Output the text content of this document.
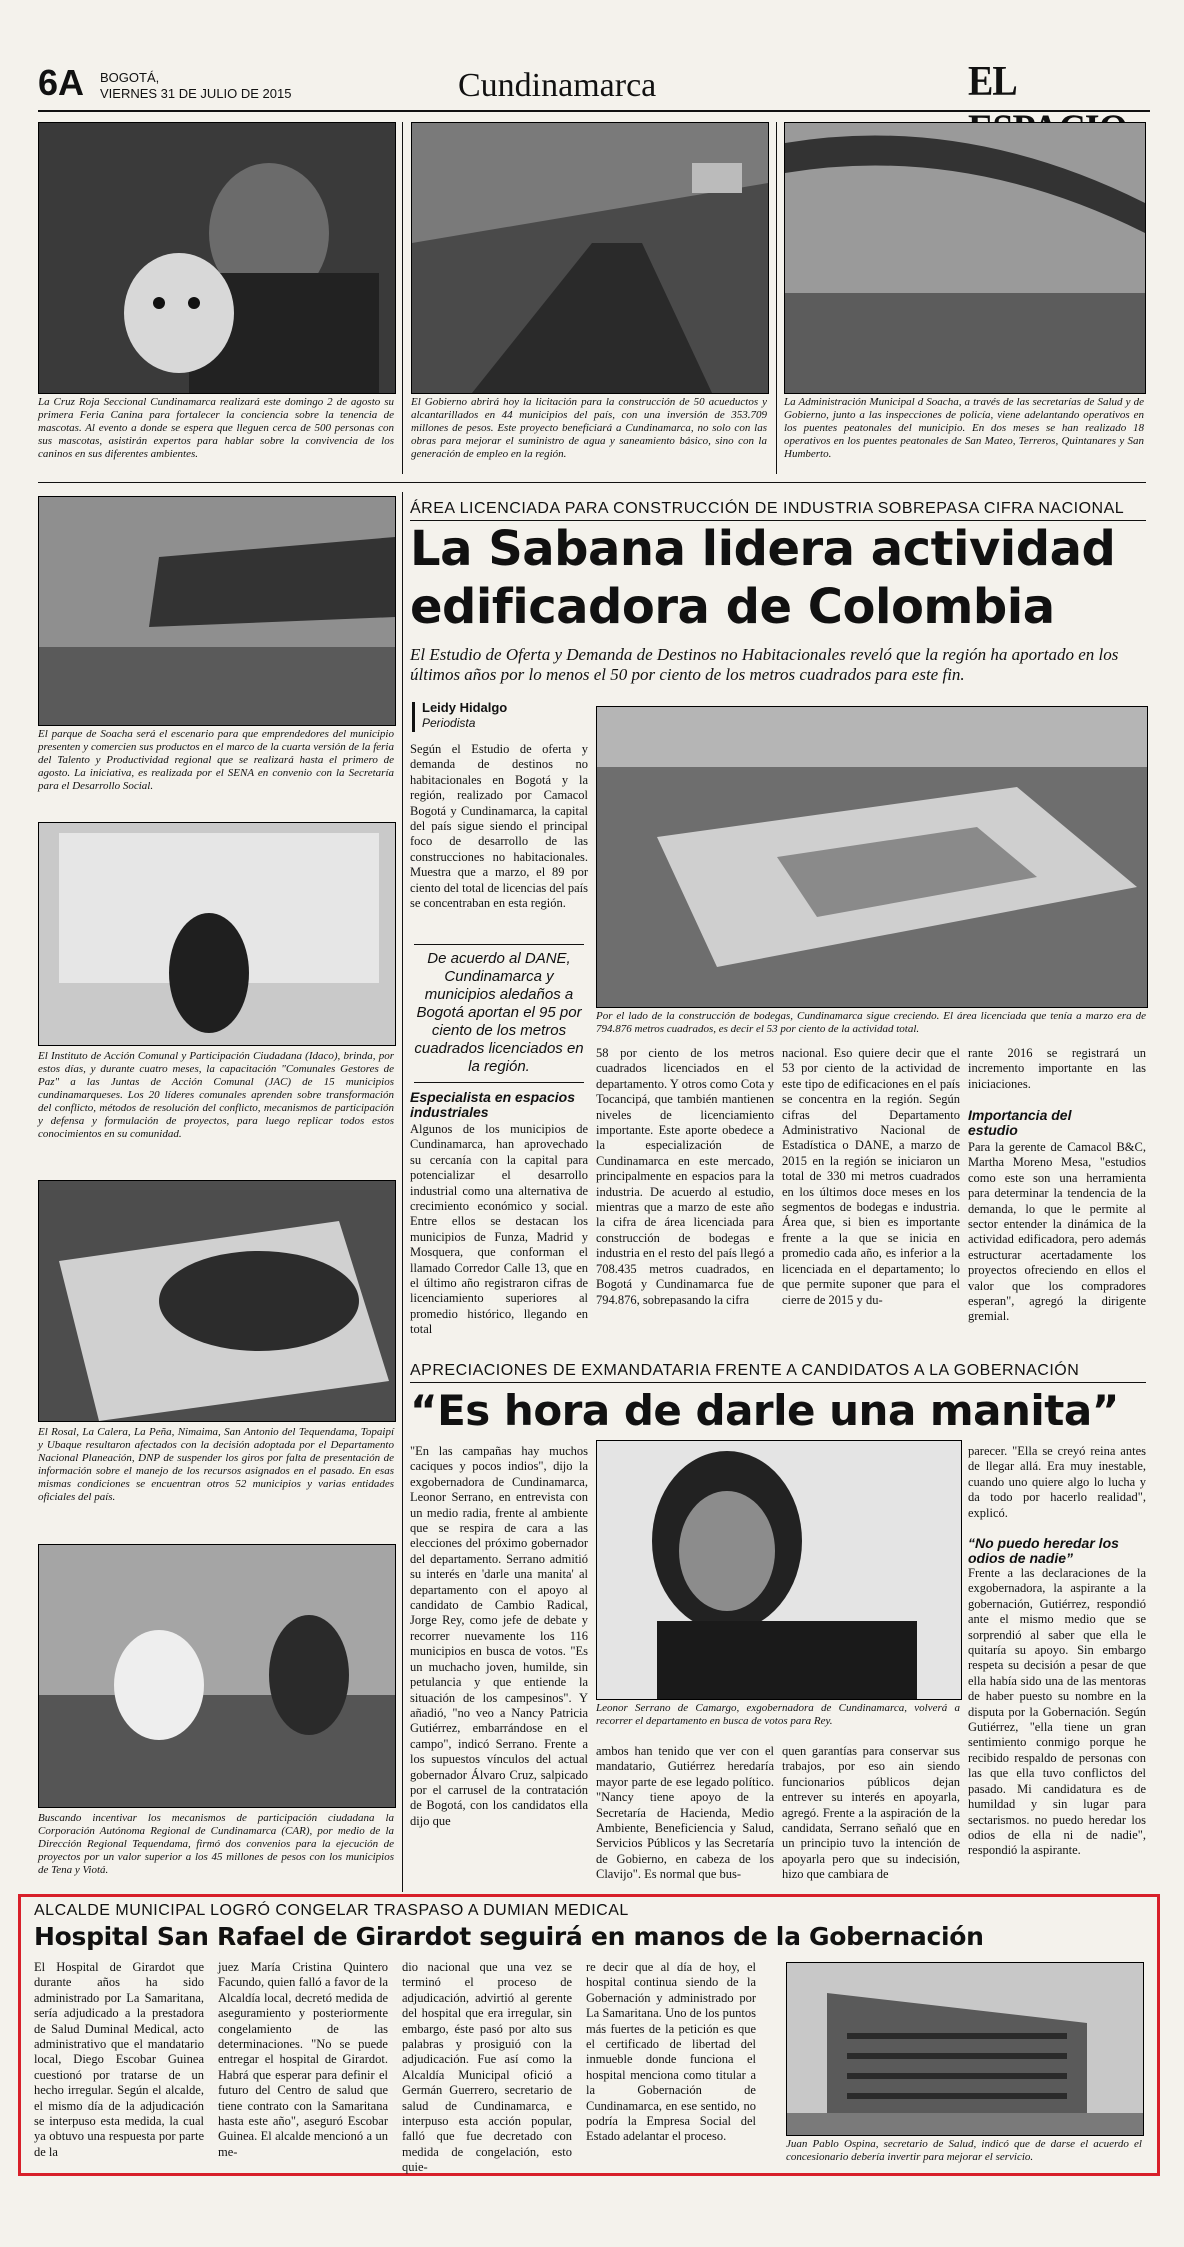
6A BOGOTÁ,
VIERNES 31 DE JULIO DE 2015	Cundinamarca	EL
La Cruz Roja Seccional Cundinamarca realizará este domingo 2 de agosto su primera Feria Canina para fortalecer la conciencia sobre la tenencia de mascotas. Al evento a donde se espera que lleguen cerca de 500 personas con sus mascotas, asistirán expertos para hablar sobre la convivencia de los caninos en sus diferentes ambientes.
El Gobierno abrirá hoy la licitación para la construcción de 50 acueductos y alcantarillados en 44 municipios del país, con una inversión de 353.709 millones de pesos. Este proyecto beneficiará a Cundinamarca, no solo con las obras para mejorar el suministro de agua y saneamiento básico, sino con la generación de empleo en la región.
La Administración Municipal d Soacha, a través de las secretarías de Salud y de Gobierno, junto a las inspecciones de policía, viene adelantando operativos en los puentes peatonales del municipio. En dos meses se han realizado 18 operativos en los puentes peatonales de San Mateo, Terreros, Quintanares y San Humberto.
El parque de Soacha será el escenario para que emprendedores del municipio presenten y comercien sus productos en el marco de la cuarta versión de la feria del Talento y Productividad regional que se realizará hasta el primero de agosto. La iniciativa, es realizada por el SENA en convenio con la Secretaría para el Desarrollo Social.
El Instituto de Acción Comunal y Participación Ciudadana (Idaco), brinda, por estos días, y durante cuatro meses, la capacitación "Comunales Gestores de Paz" a las Juntas de Acción Comunal (JAC) de 15 municipios cundinamarqueses. Los 20 líderes comunales aprenden sobre transformación del conflicto, métodos de resolución del conflicto, mecanismos de participación y defensa y formulación de proyectos, para luego replicar todos estos conocimientos en su comunidad.
El Rosal, La Calera, La Peña, Nimaima, San Antonio del Tequendama, Topaipí y Ubaque resultaron afectados con la decisión adoptada por el Departamento Nacional Planeación, DNP de suspender los giros por falta de presentación de información sobre el manejo de los recursos asignados en el pasado. En esas mismas condiciones se encuentran otros 52 municipios y varias entidades oficiales del país.
Buscando incentivar los mecanismos de participación ciudadana la Corporación Autónoma Regional de Cundinamarca (CAR), por medio de la Dirección Regional Tequendama, firmó dos convenios para la ejecución de proyectos por un valor superior a los 45 millones de pesos con los municipios de Tena y Viotá.
ÁREA LICENCIADA PARA CONSTRUCCIÓN DE INDUSTRIA SOBREPASA CIFRA NACIONAL
La Sabana lidera actividad
edificadora de Colombia
El Estudio de Oferta y Demanda de Destinos no Habitacionales reveló que la región ha aportado en los últimos años por lo menos el 50 por ciento de los metros cuadrados para este fin.
Leidy Hidalgo
Periodista
Según el Estudio de oferta y demanda de destinos no habitacionales en Bogotá y la región, realizado por Camacol Bogotá y Cundinamarca, la capital del país sigue siendo el principal foco de desarrollo de las construcciones no habitacionales. Muestra que a marzo, el 89 por ciento del total de licencias del país se concentraban en esta región.
De acuerdo al DANE, Cundinamarca y municipios aledaños a Bogotá aportan el 95 por ciento de los metros cuadrados licenciados en la región.
Por el lado de la construcción de bodegas, Cundinamarca sigue creciendo. El área licenciada que tenía a marzo era de 794.876 metros cuadrados, es decir el 53 por ciento de la actividad total.
Especialista en espacios industriales
Algunos de los municipios de Cundinamarca, han aprovechado su cercanía con la capital para potencializar el desarrollo industrial como una alternativa de crecimiento económico y social. Entre ellos se destacan los municipios de Funza, Madrid y Mosquera, que conforman el llamado Corredor Calle 13, que en el último año registraron cifras de licenciamiento superiores al promedio histórico, llegando en total
58 por ciento de los metros cuadrados licenciados en el departamento. Y otros como Cota y Tocancipá, que también mantienen niveles de licenciamiento importante. Este aporte obedece a la especialización de Cundinamarca en este mercado, principalmente en espacios para la industria. De acuerdo al estudio, mientras que a marzo de este año la cifra de área licenciada para construcción de bodegas e industria en el resto del país llegó a 708.435 metros cuadrados, en Bogotá y Cundinamarca fue de 794.876, sobrepasando la cifra
nacional. Eso quiere decir que el 53 por ciento de la actividad de este tipo de edificaciones en el país se concentra en la región. Según cifras del Departamento Administrativo Nacional de Estadística o DANE, a marzo de 2015 en la región se iniciaron un total de 330 mi metros cuadrados en los últimos doce meses en los segmentos de bodegas e industria. Área que, si bien es importante frente a la que se inicia en promedio cada año, es inferior a la licenciada en el departamento; lo que permite suponer que para el cierre de 2015 y du-
rante 2016 se registrará un incremento importante en las iniciaciones.
Importancia del estudio
Para la gerente de Camacol B&C, Martha Moreno Mesa, "estudios como este son una herramienta para determinar la tendencia de la demanda, lo que le permite al sector entender la dinámica de la actividad edificadora, pero además estructurar acertadamente los proyectos ofreciendo en ellos el valor que los compradores esperan", agregó la dirigente gremial.
APRECIACIONES DE EXMANDATARIA FRENTE A CANDIDATOS A LA GOBERNACIÓN
“Es hora de darle una manita”
"En las campañas hay muchos caciques y pocos indios", dijo la exgobernadora de Cundinamarca, Leonor Serrano, en entrevista con un medio radia, frente al ambiente que se respira de cara a las elecciones del próximo gobernador del departamento. Serrano admitió su interés en 'darle una manita' al departamento con el apoyo al candidato de Cambio Radical, Jorge Rey, como jefe de debate y recorrer nuevamente los 116 municipios en busca de votos. "Es un muchacho joven, humilde, sin petulancia y que entiende la situación de los campesinos". Y añadió, "no veo a Nancy Patricia Gutiérrez, embarrándose en el campo", indicó Serrano. Frente a los supuestos vínculos del actual gobernador Álvaro Cruz, salpicado por el carrusel de la contratación de Bogotá, con los candidatos ella dijo que
Leonor Serrano de Camargo, exgobernadora de Cundinamarca, volverá a recorrer el departamento en busca de votos para Rey.
ambos han tenido que ver con el mandatario, Gutiérrez heredaría mayor parte de ese legado político. "Nancy tiene apoyo de la Secretaría de Hacienda, Medio Ambiente, Beneficiencia y Salud, Servicios Públicos y las Secretaría de Gobierno, en cabeza de los Clavijo". Es normal que bus-
quen garantías para conservar sus trabajos, por eso ain siendo funcionarios públicos dejan entrever su interés en apoyarla, agregó. Frente a la aspiración de la candidata, Serrano señaló que en un principio tuvo la intención de apoyarla pero que su indecisión, hizo que cambiara de
parecer. "Ella se creyó reina antes de llegar allá. Era muy inestable, cuando uno quiere algo lo lucha y da todo por hacerlo realidad", explicó.
“No puedo heredar los odios de nadie”
Frente a las declaraciones de la exgobernadora, la aspirante a la gobernación, Gutiérrez, respondió ante el mismo medio que se sorprendió al saber que ella le quitaría su apoyo. Sin embargo respeta su decisión a pesar de que ella había sido una de las mentoras de haber puesto su nombre en la disputa por la Gobernación. Según Gutiérrez, "ella tiene un gran sentimiento conmigo porque he recibido respaldo de personas con las que ella tuvo conflictos del pasado. Mi candidatura es de humildad y sin lugar para sectarismos. no puedo heredar los odios de ella ni de nadie", respondió la aspirante.
ALCALDE MUNICIPAL LOGRÓ CONGELAR TRASPASO A DUMIAN MEDICAL
Hospital San Rafael de Girardot seguirá en manos de la Gobernación
El Hospital de Girardot que durante años ha sido administrado por La Samaritana, sería adjudicado a la prestadora de Salud Duminal Medical, acto administrativo que el mandatario local, Diego Escobar Guinea cuestionó por tratarse de un hecho irregular. Según el alcalde, el mismo día de la adjudicación se interpuso esta medida, la cual ya obtuvo una respuesta por parte de la
juez María Cristina Quintero Facundo, quien falló a favor de la Alcaldía local, decretó medida de aseguramiento y posteriormente congelamiento de las determinaciones. "No se puede entregar el hospital de Girardot. Habrá que esperar para definir el futuro del Centro de salud que tiene contrato con la Samaritana hasta este año", aseguró Escobar Guinea. El alcalde mencionó a un me-
dio nacional que una vez se terminó el proceso de adjudicación, advirtió al gerente del hospital que era irregular, sin embargo, éste pasó por alto sus palabras y prosiguió con la adjudicación. Fue así como la Alcaldía Municipal ofició a Germán Guerrero, secretario de salud de Cundinamarca, e interpuso esta acción popular, falló que fue decretado con medida de congelación, esto quie-
re decir que al día de hoy, el hospital continua siendo de la Gobernación y administrado por La Samaritana. Uno de los puntos más fuertes de la petición es que el certificado de libertad del inmueble donde funciona el hospital menciona como titular a la Gobernación de Cundinamarca, en ese sentido, no podría la Empresa Social del Estado adelantar el proceso.
Juan Pablo Ospina, secretario de Salud, indicó que de darse el acuerdo el concesionario debería invertir para mejorar el servicio.
